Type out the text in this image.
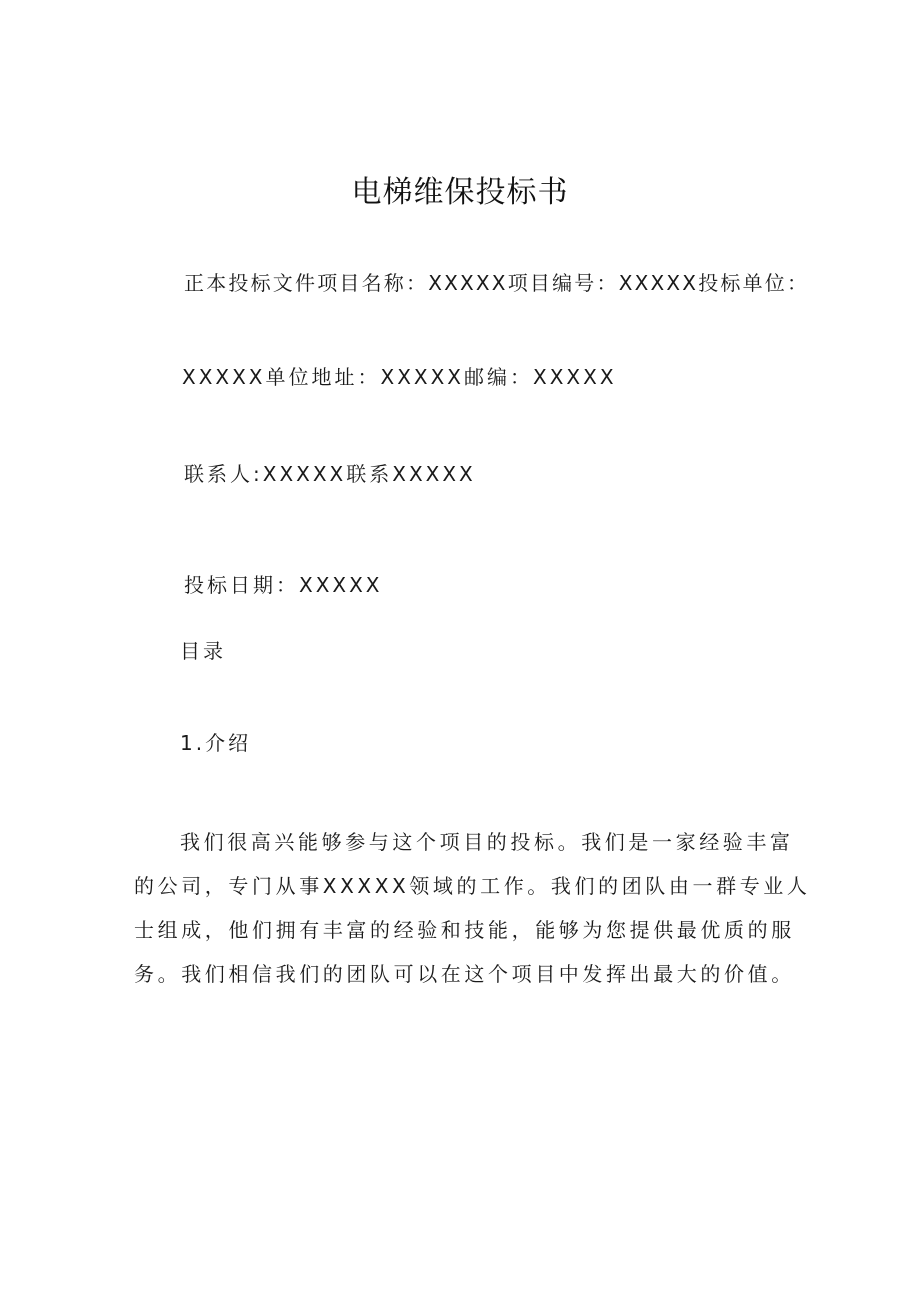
电梯维保投标书
正本投标文件项目名称：XXXXX项目编号：XXXXX投标单位：
XXXXX单位地址：XXXXX邮编：XXXXX
联系人:XXXXX联系XXXXX
投标日期：XXXXX
目录
1.介绍
我们很高兴能够参与这个项目的投标。我们是一家经验丰富
的公司，专门从事XXXXX领域的工作。我们的团队由一群专业人
士组成，他们拥有丰富的经验和技能，能够为您提供最优质的服
务。我们相信我们的团队可以在这个项目中发挥出最大的价值。
